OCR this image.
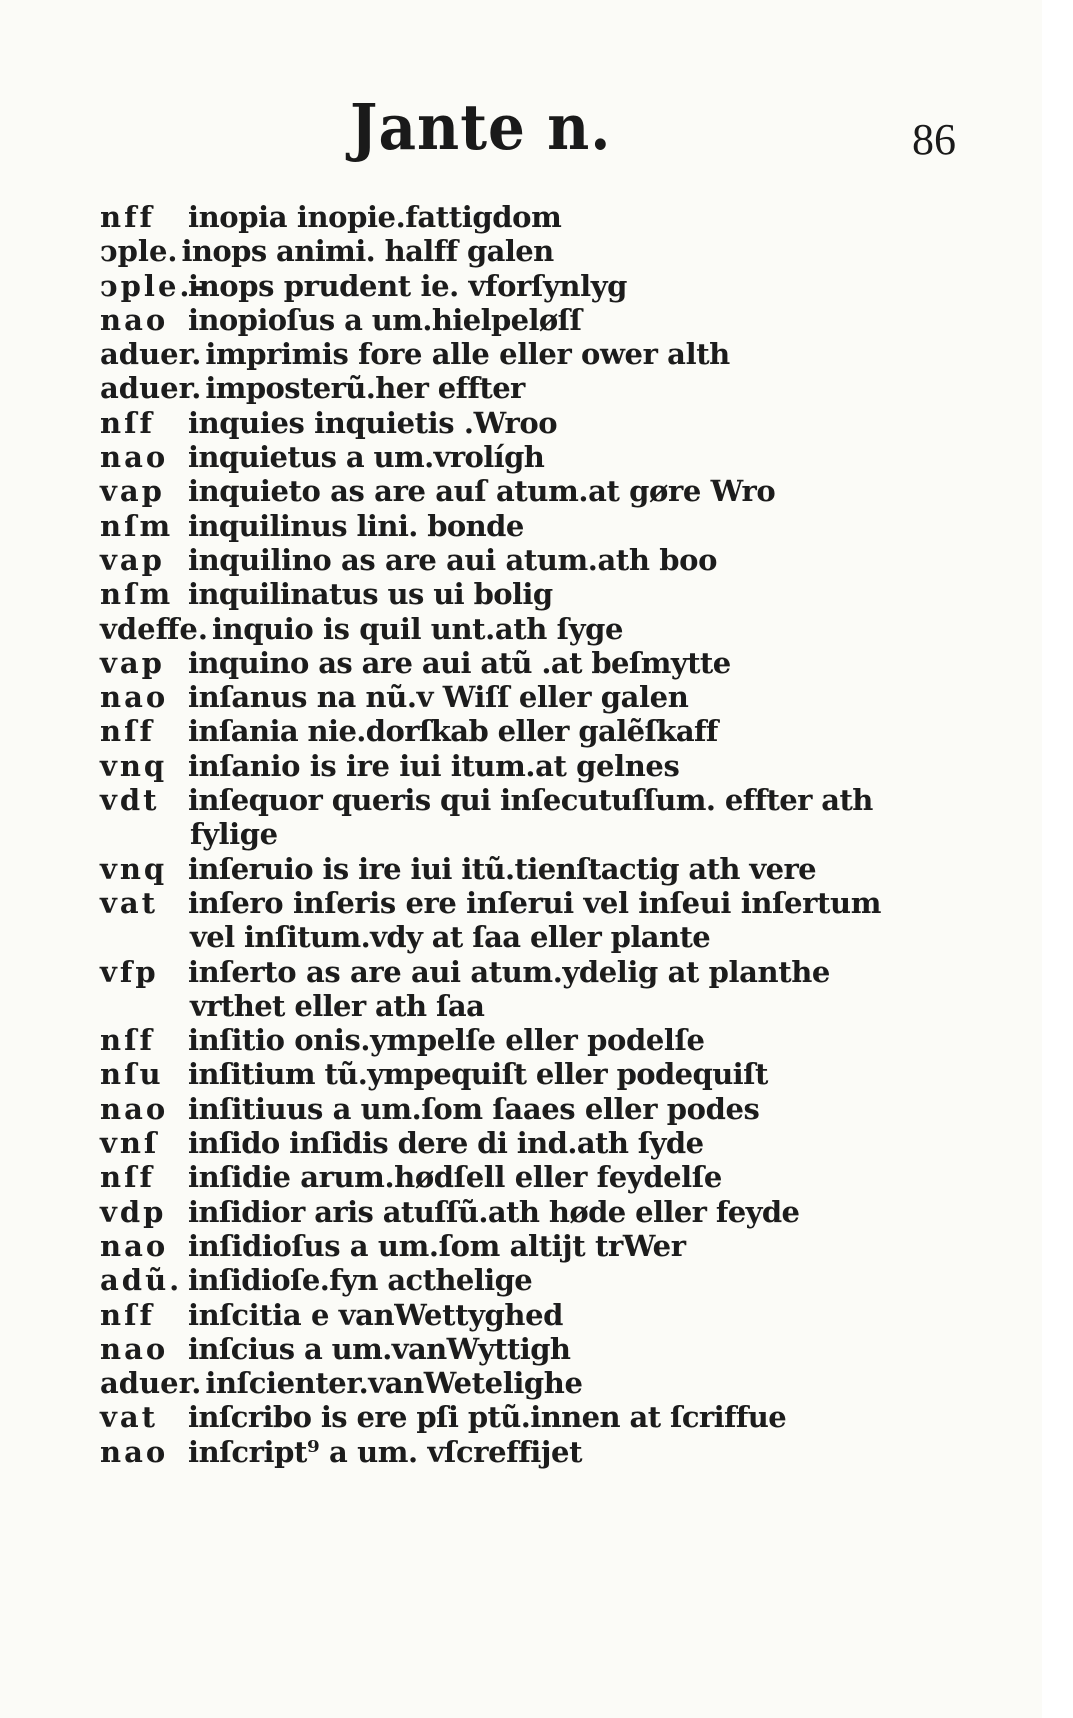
Jante n.	86
nff inopia inopie.fattigdom
ↄple. inops animi. halff galen
ↄple.-inops prudent ie. vforſynlyg
nao inopioſus a um.hielpeløſſ
aduer. imprimis fore alle eller ower alth
aduer. imposterũ.her effter
nſf inquies inquietis .Wroo
nao inquietus a um.vrolígh
vap inquieto as are auſ atum.at gøre Wro
nſm inquilinus lini. bonde
vap inquilino as are aui atum.ath boo
nſm inquilinatus us ui bolig
vdeffe. inquio is quil unt.ath ſyge
vap inquino as are aui atũ .at beſmytte
nao inſanus na nũ.v Wiſſ eller galen
nſf inſania nie.dorſkab eller galẽſkaff
vnq inſanio is ire iui itum.at gelnes
vdt inſequor queris qui inſecutuſſum. effter ath
fylige
vnq inſeruio is ire iui itũ.tienſtactig ath vere
vat inſero inſeris ere inſerui vel inſeui inſertum
vel inſitum.vdy at ſaa eller plante
vfp inſerto as are aui atum.ydelig at planthe
vrthet eller ath ſaa
nſf inſitio onis.ympelſe eller podelſe
nſu inſitium tũ.ympequiſt eller podequiſt
nao inſitiuus a um.ſom ſaaes eller podes
vnſ inſido inſidis dere di ind.ath ſyde
nſf inſidie arum.hødſell eller feydelſe
vdp inſidior aris atuſſũ.ath høde eller feyde
nao inſidioſus a um.ſom altijt trWer
adũ. inſidioſe.fyn acthelige
nſf inſcitia e vanWettyghed
nao inſcius a um.vanWyttigh
aduer. inſcienter.vanWetelighe
vat inſcribo is ere pſi ptũ.innen at ſcriffue
nao inſcript⁹ a um. vſcreffijet
